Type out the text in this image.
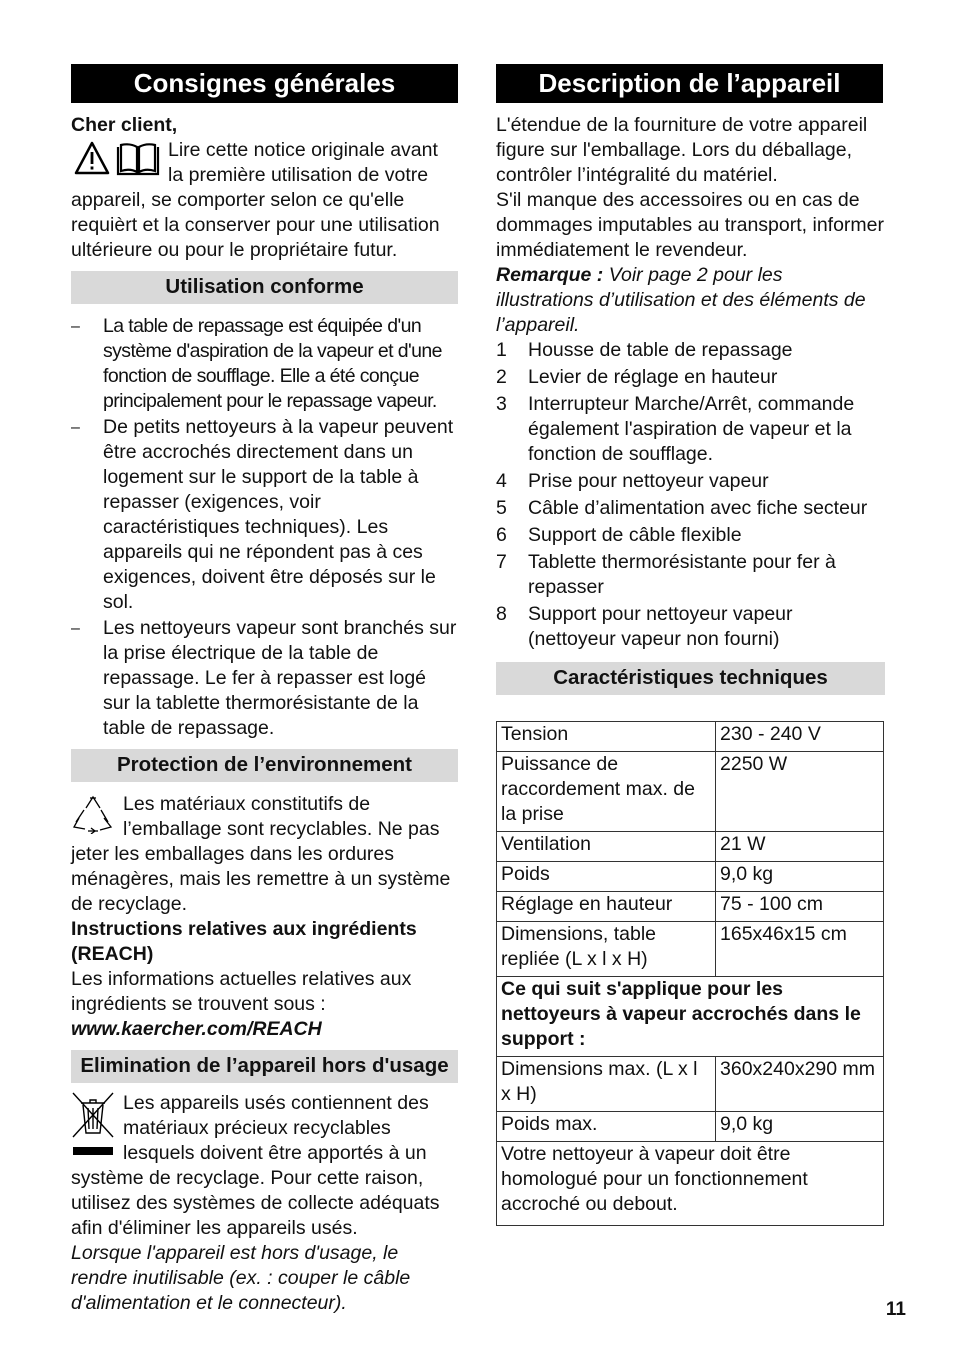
Consignes générales

Cher client,

Lire cette notice originale avant la première utilisation de votre appareil, se comporter selon ce qu'elle requièrt et la conserver pour une utilisation ultérieure ou pour le propriétaire futur.

Utilisation conforme
– La table de repassage est équipée d'un système d'aspiration de la vapeur et d'une fonction de soufflage. Elle a été conçue principalement pour le repassage vapeur.
– De petits nettoyeurs à la vapeur peuvent être accrochés directement dans un logement sur le support de la table à repasser (exigences, voir caractéristiques techniques). Les appareils qui ne répondent pas à ces exigences, doivent être déposés sur le sol.
– Les nettoyeurs vapeur sont branchés sur la prise électrique de la table de repassage. Le fer à repasser est logé sur la tablette thermorésistante de la table de repassage.
Protection de l’environnement

Les matériaux constitutifs de l’emballage sont recyclables. Ne pas jeter les emballages dans les ordures ménagères, mais les remettre à un système de recyclage.

Instructions relatives aux ingrédients (REACH)

Les informations actuelles relatives aux ingrédients se trouvent sous :

www.kaercher.com/REACH

Elimination de l’appareil hors d'usage

Les appareils usés contiennent des matériaux précieux recyclables lesquels doivent être apportés à un système de recyclage. Pour cette raison, utilisez des systèmes de collecte adéquats afin d'éliminer les appareils usés.

Lorsque l'appareil est hors d'usage, le rendre inutilisable (ex. : couper le câble d'alimentation et le connecteur).

Description de l’appareil

L'étendue de la fourniture de votre appareil figure sur l'emballage. Lors du déballage, contrôler l’intégralité du matériel.

S'il manque des accessoires ou en cas de dommages imputables au transport, informer immédiatement le revendeur.

Remarque : Voir page 2 pour les illustrations d’utilisation et des éléments de l’appareil.

1 Housse de table de repassage
2 Levier de réglage en hauteur
3 Interrupteur Marche/Arrêt, commande également l'aspiration de vapeur et la fonction de soufflage.
4 Prise pour nettoyeur vapeur
5 Câble d’alimentation avec fiche secteur
6 Support de câble flexible
7 Tablette thermorésistante pour fer à repasser
8 Support pour nettoyeur vapeur (nettoyeur vapeur non fourni)
Caractéristiques techniques
Tension	230 - 240 V
Puissance de raccordement max. de la prise	2250 W
Ventilation	21 W
Poids	9,0 kg
Réglage en hauteur	75 - 100 cm
Dimensions, table repliée (L x l x H)	165x46x15 cm
Ce qui suit s'applique pour les nettoyeurs à vapeur accrochés dans le support :	
Dimensions max. (L x l x H)	360x240x290 mm
Poids max.	9,0 kg
Votre nettoyeur à vapeur doit être homologué pour un fonctionnement accroché ou debout.	
11
